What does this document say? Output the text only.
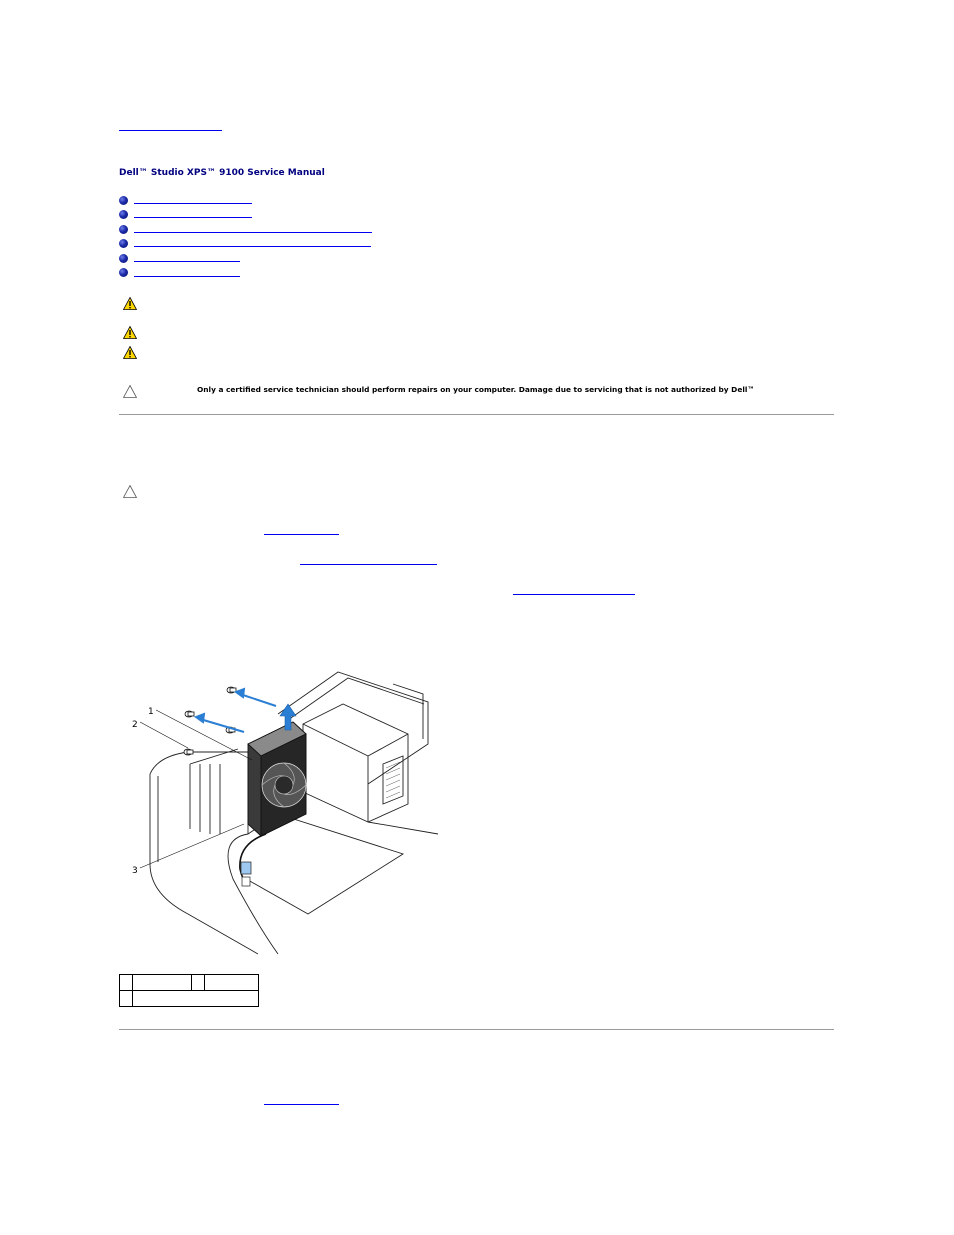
Dell™ Studio XPS™ 9100 Service Manual
Only a certified service technician should perform repairs on your computer. Damage due to servicing that is not authorized by Dell™
1
2
3
